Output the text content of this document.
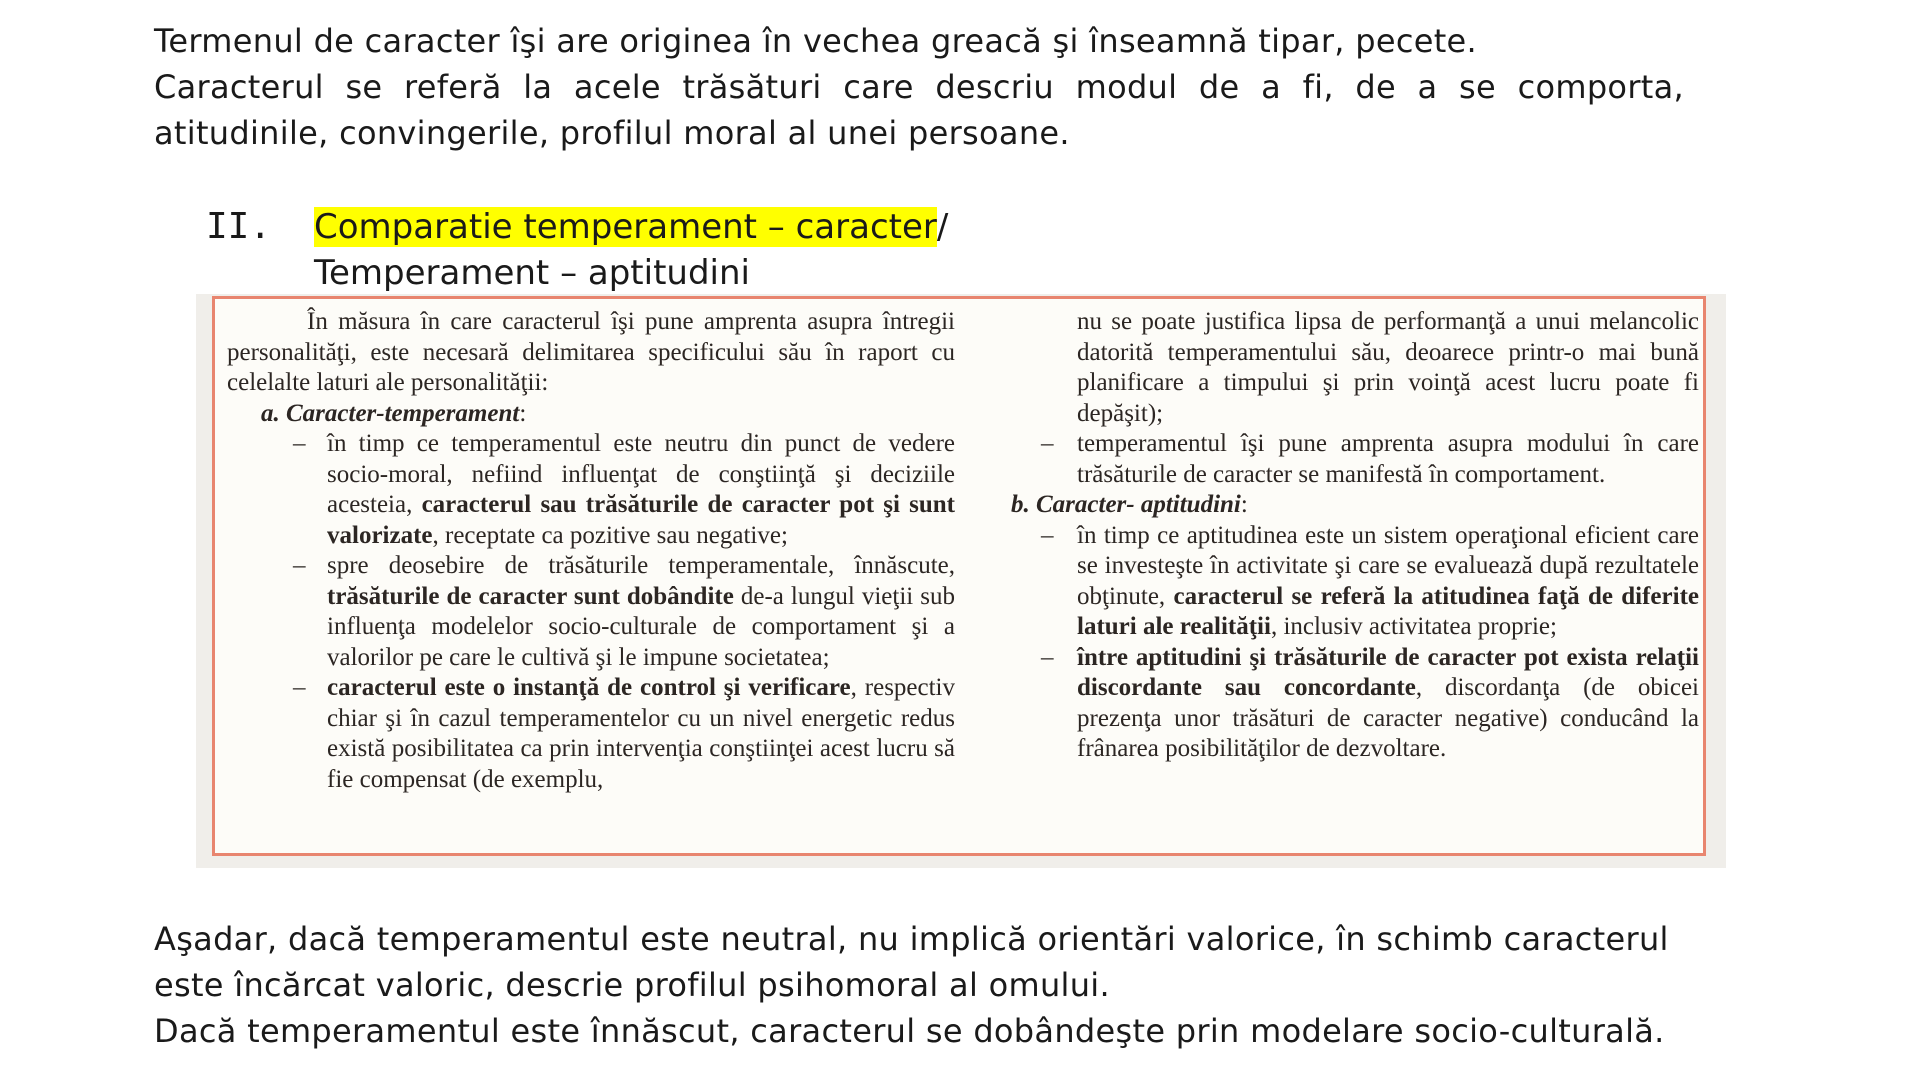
Termenul de caracter îşi are originea în vechea greacă şi înseamnă tipar, pecete.

Caracterul se referă la acele trăsături care descriu modul de a fi, de a se comporta, atitudinile, convingerile, profilul moral al unei persoane.

II. Comparatie temperament – caracter/
Temperament – aptitudini

În măsura în care caracterul îşi pune amprenta asupra întregii personalităţi, este necesară delimitarea specificului său în raport cu celelalte laturi ale personalităţii:

a. Caracter-temperament:

– în timp ce temperamentul este neutru din punct de vedere socio-moral, nefiind influenţat de conştiinţă şi deciziile acesteia, caracterul sau trăsăturile de caracter pot şi sunt valorizate, receptate ca pozitive sau negative;

– spre deosebire de trăsăturile temperamentale, înnăscute, trăsăturile de caracter sunt dobândite de-a lungul vieţii sub influenţa modelelor socio-culturale de comportament şi a valorilor pe care le cultivă şi le impune societatea;

– caracterul este o instanţă de control şi verificare, respectiv chiar şi în cazul temperamentelor cu un nivel energetic redus există posibilitatea ca prin intervenţia conştiinţei acest lucru să fie compensat (de exemplu,

nu se poate justifica lipsa de performanţă a unui melancolic datorită temperamentului său, deoarece printr-o mai bună planificare a timpului şi prin voinţă acest lucru poate fi depăşit);

– temperamentul îşi pune amprenta asupra modului în care trăsăturile de caracter se manifestă în comportament.

b. Caracter- aptitudini:

– în timp ce aptitudinea este un sistem operaţional eficient care se investeşte în activitate şi care se evaluează după rezultatele obţinute, caracterul se referă la atitudinea faţă de diferite laturi ale realităţii, inclusiv activitatea proprie;

– între aptitudini şi trăsăturile de caracter pot exista relaţii discordante sau concordante, discordanţa (de obicei prezenţa unor trăsături de caracter negative) conducând la frânarea posibilităţilor de dezvoltare.

Aşadar, dacă temperamentul este neutral, nu implică orientări valorice, în schimb caracterul este încărcat valoric, descrie profilul psihomoral al omului.

Dacă temperamentul este înnăscut, caracterul se dobândeşte prin modelare socio-culturală.
